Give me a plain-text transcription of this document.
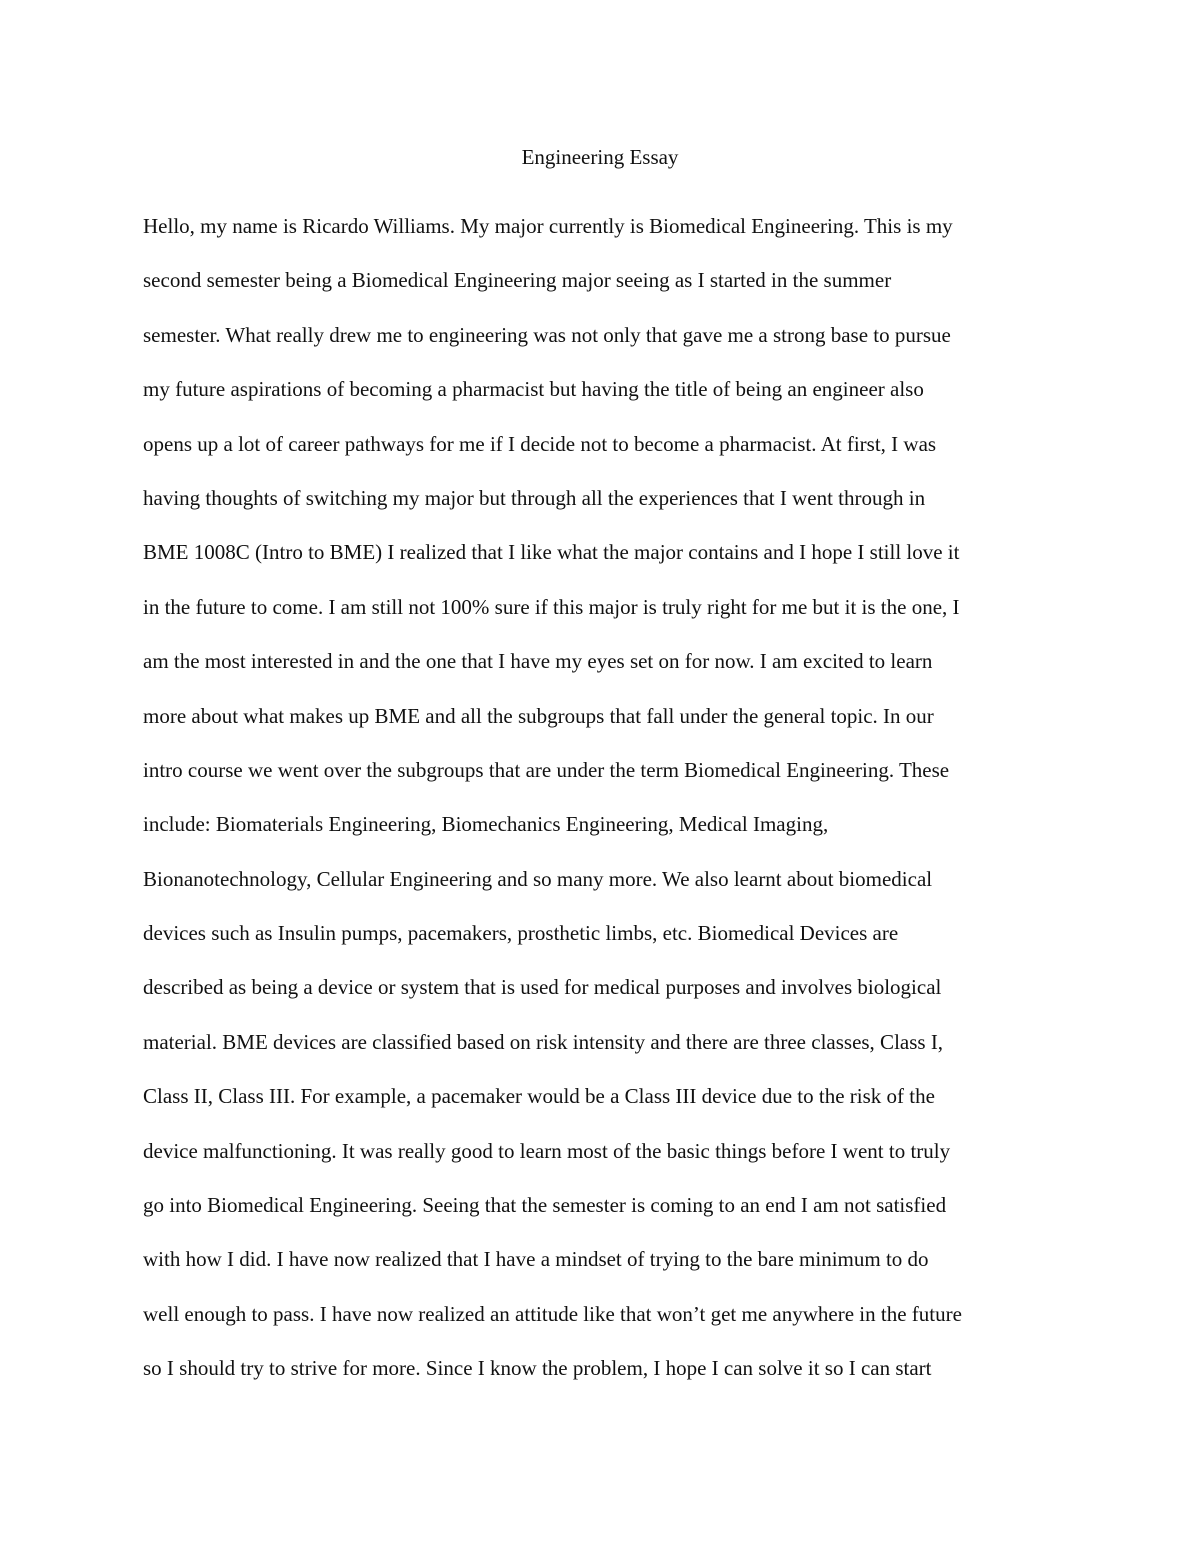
Engineering Essay
Hello, my name is Ricardo Williams. My major currently is Biomedical Engineering. This is my
second semester being a Biomedical Engineering major seeing as I started in the summer
semester. What really drew me to engineering was not only that gave me a strong base to pursue
my future aspirations of becoming a pharmacist but having the title of being an engineer also
opens up a lot of career pathways for me if I decide not to become a pharmacist. At first, I was
having thoughts of switching my major but through all the experiences that I went through in
BME 1008C (Intro to BME) I realized that I like what the major contains and I hope I still love it
in the future to come. I am still not 100% sure if this major is truly right for me but it is the one, I
am the most interested in and the one that I have my eyes set on for now. I am excited to learn
more about what makes up BME and all the subgroups that fall under the general topic. In our
intro course we went over the subgroups that are under the term Biomedical Engineering. These
include: Biomaterials Engineering, Biomechanics Engineering, Medical Imaging,
Bionanotechnology, Cellular Engineering and so many more. We also learnt about biomedical
devices such as Insulin pumps, pacemakers, prosthetic limbs, etc. Biomedical Devices are
described as being a device or system that is used for medical purposes and involves biological
material. BME devices are classified based on risk intensity and there are three classes, Class I,
Class II, Class III. For example, a pacemaker would be a Class III device due to the risk of the
device malfunctioning. It was really good to learn most of the basic things before I went to truly
go into Biomedical Engineering. Seeing that the semester is coming to an end I am not satisfied
with how I did. I have now realized that I have a mindset of trying to the bare minimum to do
well enough to pass. I have now realized an attitude like that won’t get me anywhere in the future
so I should try to strive for more. Since I know the problem, I hope I can solve it so I can start
